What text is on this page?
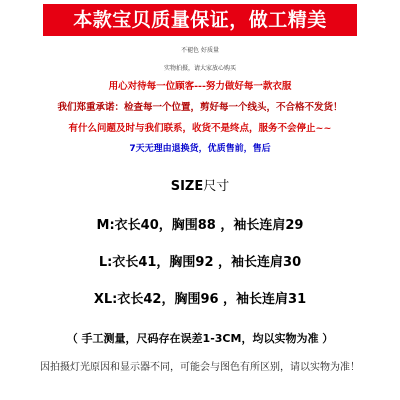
本款宝贝质量保证，做工精美
不褪色 好质量
实物拍摄，请大家放心购买
用心对待每一位顾客---努力做好每一款衣服
我们郑重承诺：检查每一个位置，剪好每一个线头，不合格不发货！
有什么问题及时与我们联系，收货不是终点，服务不会停止~~
7天无理由退换货，优质售前，售后
SIZE尺寸
M:衣长40，胸围88 ，袖长连肩29
L:衣长41，胸围92 ，袖长连肩30
XL:衣长42，胸围96 ，袖长连肩31
（ 手工测量，尺码存在误差1-3CM，均以实物为准 ）
因拍摄灯光原因和显示器不同，可能会与图色有所区别，请以实物为准！
